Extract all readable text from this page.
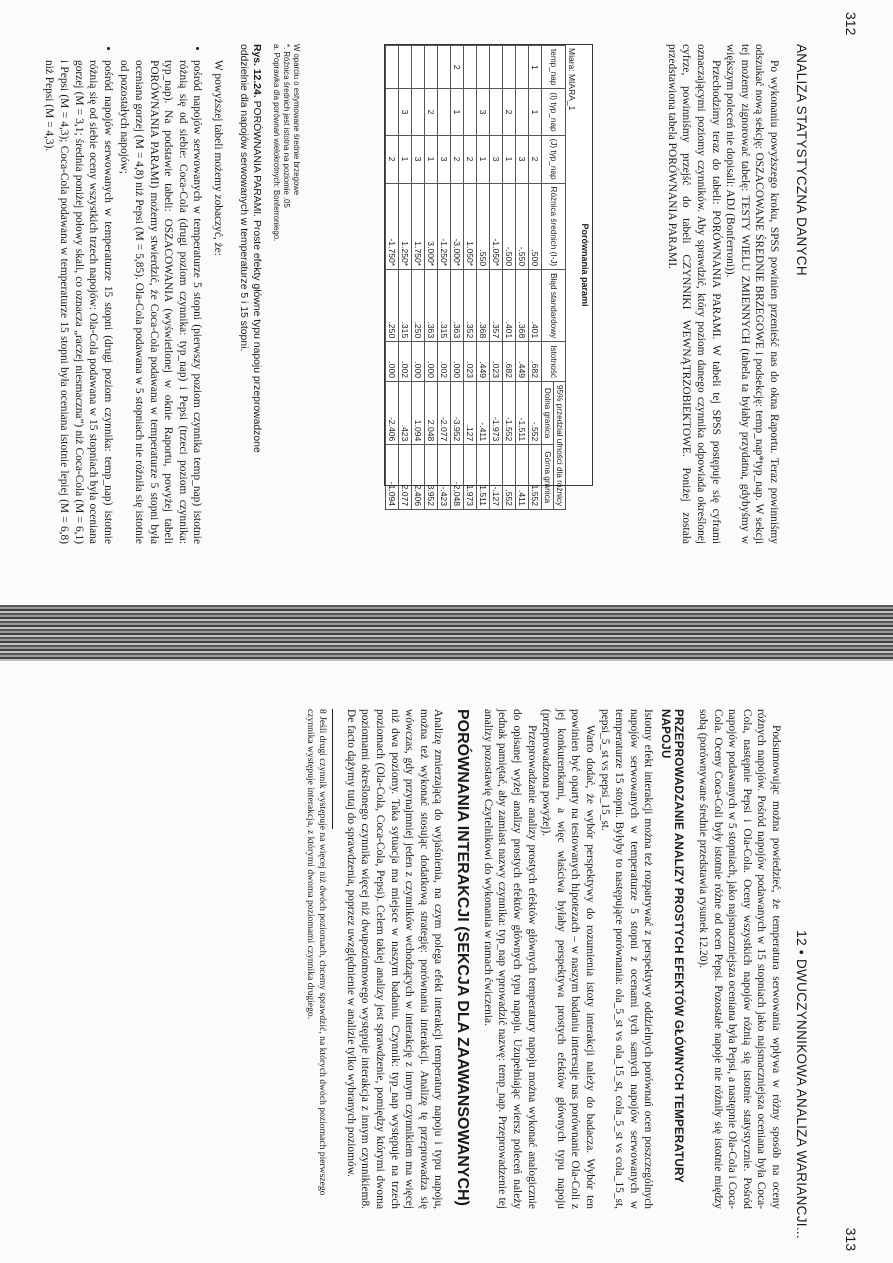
312
ANALIZA STATYSTYCZNA DANYCH

Po wykonaniu powyższego kroku, SPSS powinien przenieść nas do okna Raportu. Teraz powinniśmy odszukać nową sekcję: OSZACOWANE ŚREDNIE BRZEGOWE i podsekcję: temp_nap*typ_nap. W sekcji tej możemy zignorować tabelę: TESTY WIELU ZMIENNYCH (tabela ta byłaby przydatna, gdybyśmy w większym poleceń nie dopisali: ADJ (Bonferroni)).

Przechodzimy teraz do tabeli: PORÓWNANIA PARAMI. W tabeli tej SPSS postępuje się cyframi oznaczającymi poziomy czynników. Aby sprawdzić, który poziom danego czynnika odpowiada określonej cyfrze, powinniśmy przejść do tabeli CZYNNIKI WEWNĄTRZOBIEKTOWE. Poniżej została przedstawiona tabela PORÓWNANIA PARAMI.

Porównania parami
Miara: MIARA_1
temp_nap	(I) typ_nap	(J) typ_nap	Różnica średnich (I-J)	Błąd standardowy	Istotność	95% przedział ufności dla różnicy	
						Dolna granica	Górna granica
1	1	2	.500	.401	.682	-.552	1.552
		3	-.550	.368	.449	-1.511	.411
	2	1	-.500	.401	.682	-1.552	.552
		3	-1.050*	.357	.023	-1.973	-.127
	3	1	.550	.368	.449	-.411	1.511
		2	1.050*	.352	.023	.127	1.973
2	1	2	-3.000*	.363	.000	-3.952	-2.048
		3	-1.250*	.315	.002	-2.077	-.423
	2	1	3.000*	.363	.000	2.048	3.952
		3	1.750*	.250	.000	1.094	2.406
	3	1	1.250*	.315	.002	.423	2.077
		2	-1.750*	.250	.000	-2.406	-1.094
W oparciu o estymowane średnie brzegowe
*. Różnica średnich jest istotna na poziomie .05
a. Poprawka dla porównań wielokrotnych: Bonferroniego.
Rys. 12.24. PORÓWNANIA PARAMI. Proste efekty główne typu napoju przeprowadzone oddzielnie dla napojów serwowanych w temperaturze 5 i 15 stopni.

W powyższej tabeli możemy zobaczyć, że:

• pośród napojów serwowanych w temperaturze 5 stopni (pierwszy poziom czynnika temp_nap) istotnie różnią się od siebie: Coca-Cola (drugi poziom czynnika: typ_nap) i Pepsi (trzeci poziom czynnika: typ_nap). Na podstawie tabeli: OSZACOWANIA (wyświetlonej w oknie Raportu, powyżej tabeli PORÓWNANIA PARAMI) możemy stwierdzić, że Coca-Cola podawana w temperaturze 5 stopni była oceniana gorzej (M = 4,8) niż Pepsi (M = 5,85). Ola-Cola podawana w 5 stopniach nie różniła się istotnie od pozostałych napojów;
• pośród napojów serwowanych w temperaturze 15 stopni (drugi poziom czynnika: temp_nap) istotnie różnią się od siebie oceny wszystkich trzech napojów: Ola-Cola podawana w 15 stopniach była oceniana gorzej (M = 3,1; średnia poniżej połowy skali, co oznacza „raczej niesmaczna”) niż Coca-Cola (M = 6,1) i Pepsi (M = 4,3); Coca-Cola podawana w temperaturze 15 stopni była oceniana istotnie lepiej (M = 6,8) niż Pepsi (M = 4,3).
12 • DWUCZYNNIKOWA ANALIZA WARIANCJI...
313

Podsumowując można powiedzieć, że temperatura serwowania wpływa w różny sposób na oceny różnych napojów. Pośród napojów podawanych w 15 stopniach jako najsmaczniejsza oceniana była Coca-Cola, następnie Pepsi i Ola-Cola. Oceny wszystkich napojów różnią się istotnie statystycznie. Pośród napojów podawanych w 5 stopniach, jako najsmaczniejsza oceniana była Pepsi, a następnie Ola-Cola i Coca-Cola. Oceny Coca-Coli były istotnie różne od ocen Pepsi. Pozostałe napoje nie różniły się istotnie między sobą (porównywane średnie przedstawia rysunek 12.20).

PRZEPROWADZANIE ANALIZY PROSTYCH EFEKTÓW GŁÓWNYCH TEMPERATURY NAPOJU

Istotny efekt interakcji można też rozpatrywać z perspektywy oddzielnych porównań ocen poszczególnych napojów serwowanych w temperaturze 5 stopni z ocenami tych samych napojów serwowanych w temperaturze 15 stopni. Byłyby to następujące porównania: ola_5_st vs ola_15_st, cola_5_st vs cola_15_st, pepsi_5_st vs pepsi_15_st.

Warto dodać, że wybór perspektywy do rozumienia istoty interakcji należy do badacza. Wybór ten powinien być oparty na testowanych hipotezach – w naszym badaniu interesuje nas porównanie Ola-Coli z jej konkurentkami, a więc właściwa byłaby perspektywa prostych efektów głównych typu napoju (przeprowadzona powyżej).

Przeprowadzanie analizy prostych efektów głównych temperatury napoju można wykonać analogicznie do opisanej wyżej analizy prostych efektów głównych typu napoju. Uzupełniając wiersz poleceń należy jednak pamiętać, aby zamiast nazwy czynnika: typ_nap wprowadzić nazwę: temp_nap. Przeprowadzenie tej analizy pozostawię Czytelnikowi do wykonania w ramach ćwiczenia.

PORÓWNANIA INTERAKCJI (SEKCJA DLA ZAAWANSOWANYCH)

Analizę zmierzającą do wyjaśnienia, na czym polega efekt interakcji temperatury napoju i typu napoju, można też wykonać stosując dodatkową strategię: porównania interakcji. Analizę tę przeprowadza się wówczas, gdy przynajmniej jeden z czynników wchodzących w interakcję z innym czynnikiem ma więcej niż dwa poziomy. Taka sytuacja ma miejsce w naszym badaniu. Czynnik: typ_nap występuje na trzech poziomach (Ola-Cola, Coca-Cola, Pepsi). Celem takiej analizy jest sprawdzenie, pomiędzy którymi dwoma poziomami określonego czynnika więcej niż dwupoziomowego występuje interakcja z innym czynnikiem8. De facto dążymy tutaj do sprawdzenia, poprzez uwzględnienie w analizie tylko wybranych poziomów.

8 Jeśli drugi czynnik występuje na więcej niż dwóch poziomach, chcemy sprawdzić, na których dwóch poziomach pierwszego czynnika występuje interakcja, z którymi dwoma poziomami czynnika drugiego.
